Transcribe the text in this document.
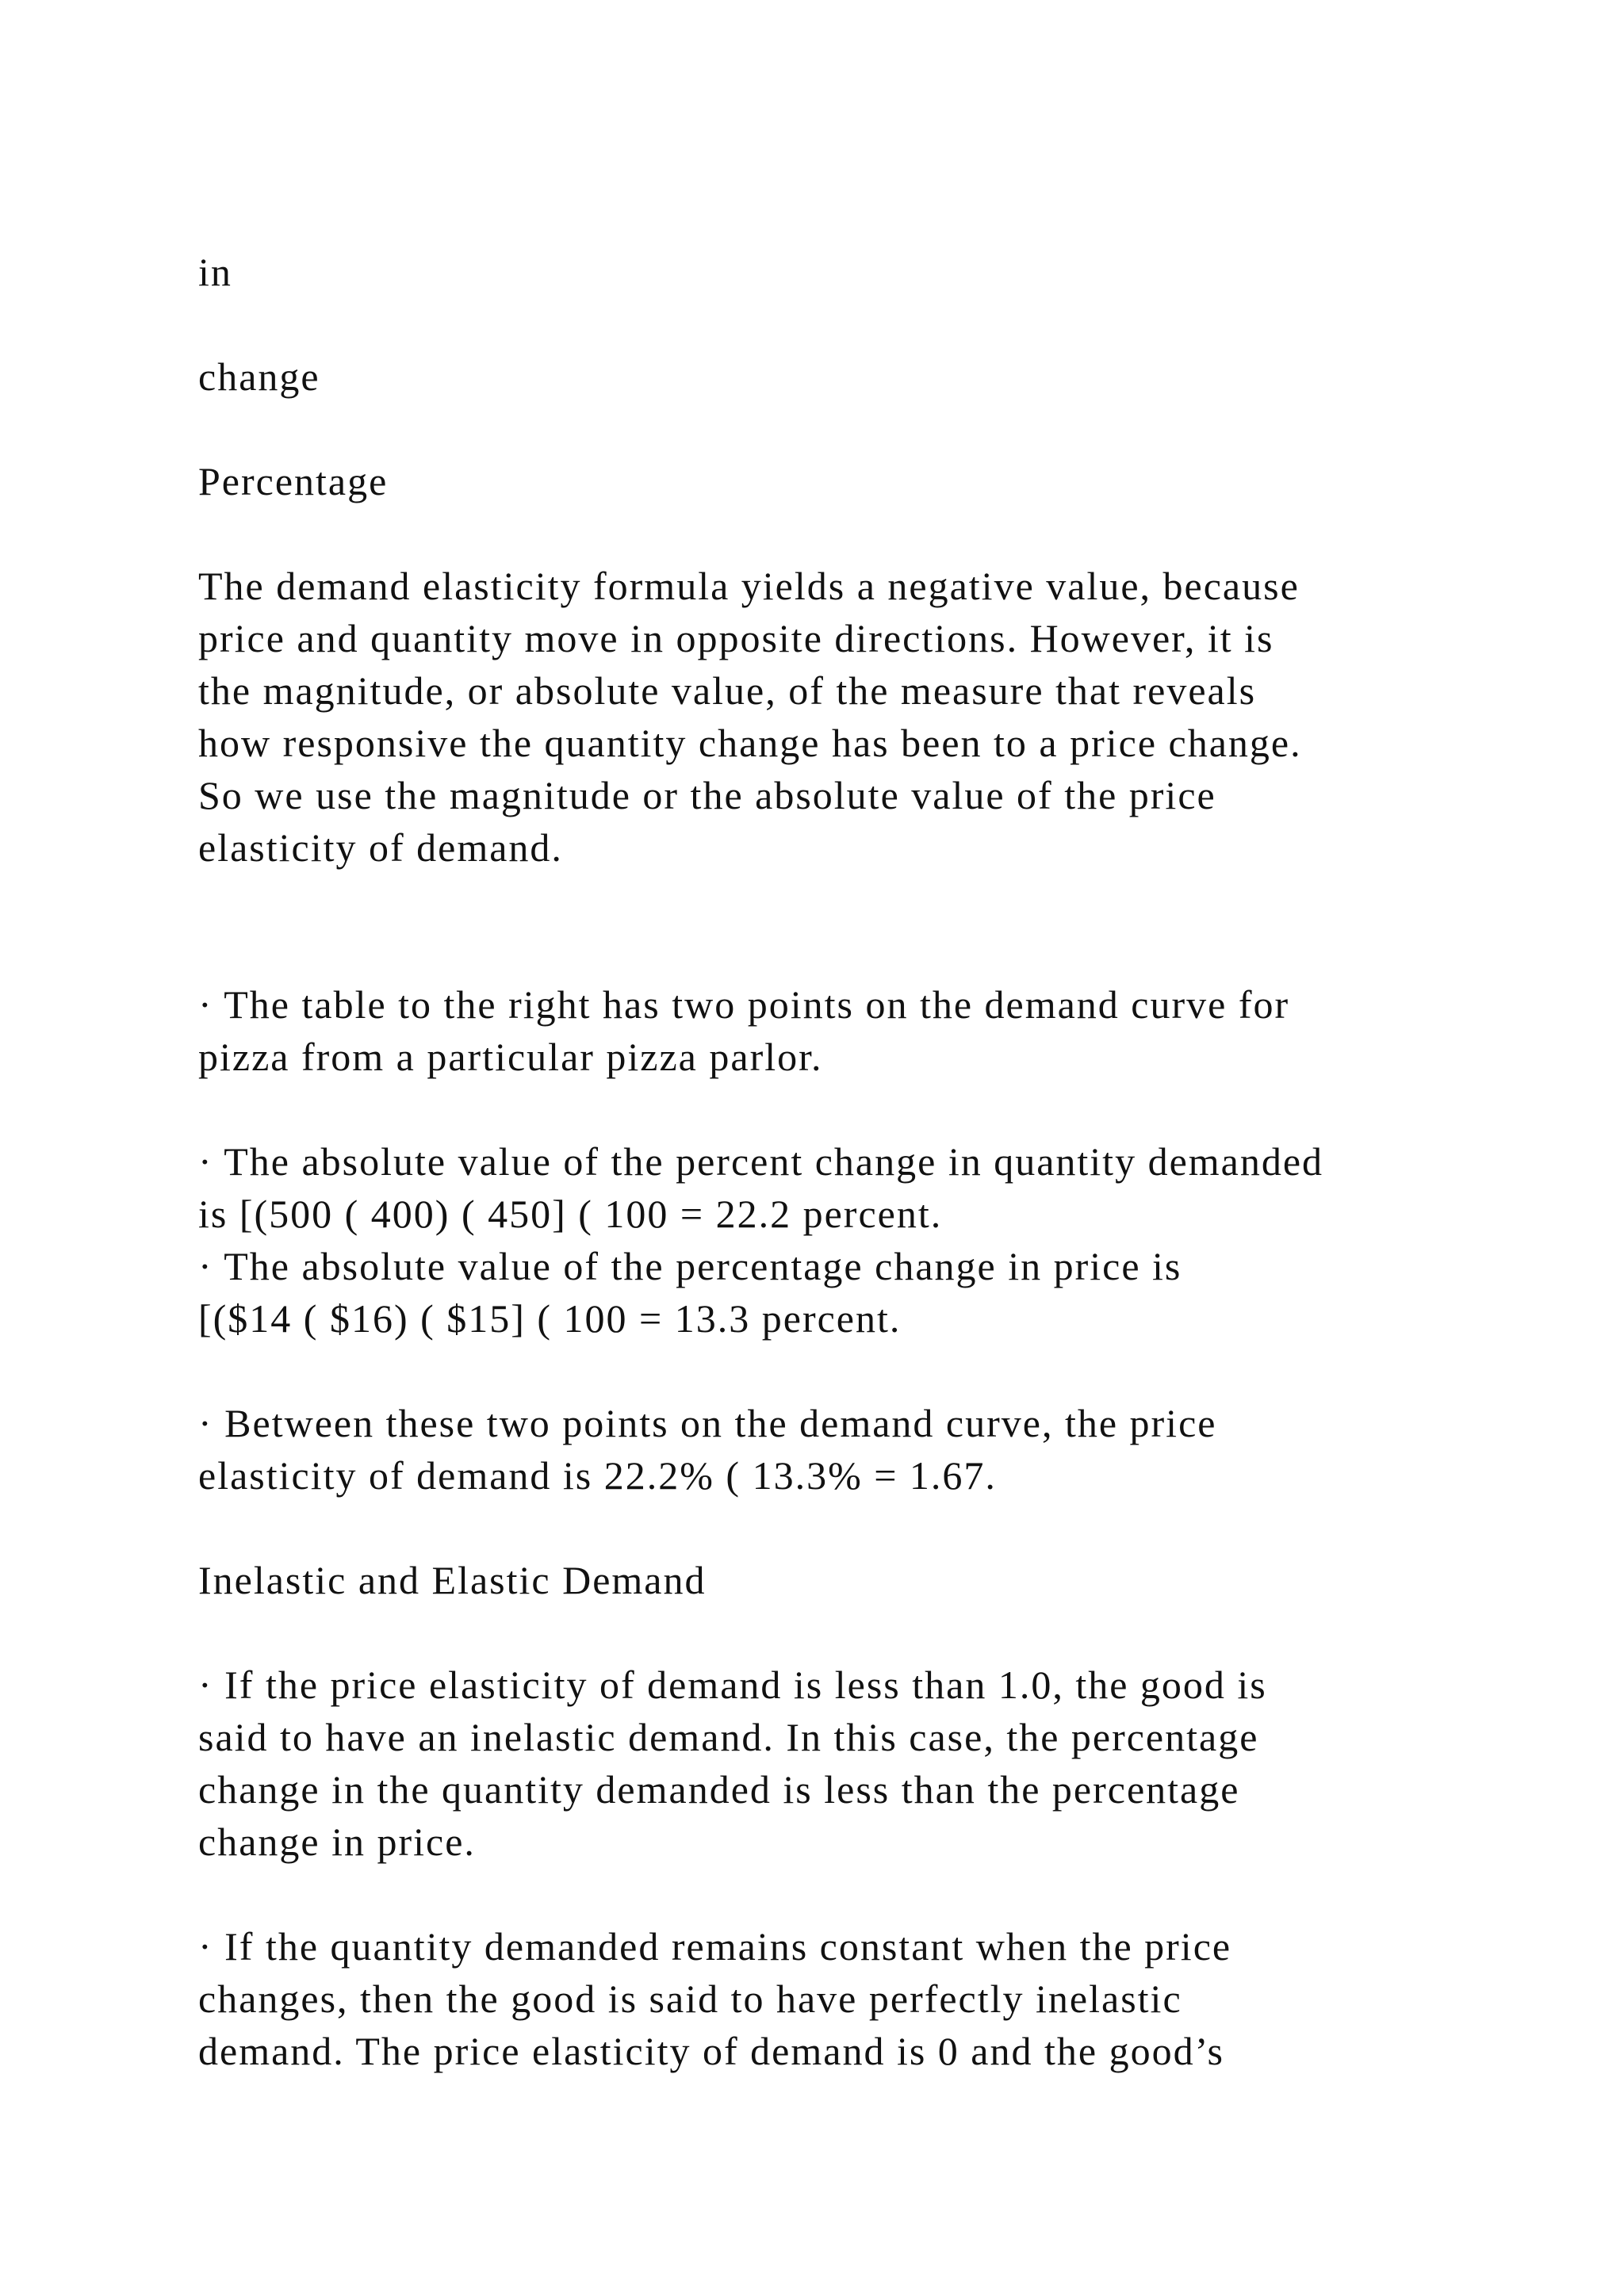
in

change

Percentage

The demand elasticity formula yields a negative value, because
price and quantity move in opposite directions. However, it is
the magnitude, or absolute value, of the measure that reveals
how responsive the quantity change has been to a price change.
So we use the magnitude or the absolute value of the price
elasticity of demand.

· The table to the right has two points on the demand curve for
pizza from a particular pizza parlor.

· The absolute value of the percent change in quantity demanded
is [(500 ( 400) ( 450] ( 100 = 22.2 percent.
· The absolute value of the percentage change in price is
[($14 ( $16) ( $15] ( 100 = 13.3 percent.

· Between these two points on the demand curve, the price
elasticity of demand is 22.2% ( 13.3% = 1.67.

Inelastic and Elastic Demand

· If the price elasticity of demand is less than 1.0, the good is
said to have an inelastic demand. In this case, the percentage
change in the quantity demanded is less than the percentage
change in price.

· If the quantity demanded remains constant when the price
changes, then the good is said to have perfectly inelastic
demand. The price elasticity of demand is 0 and the good’s
